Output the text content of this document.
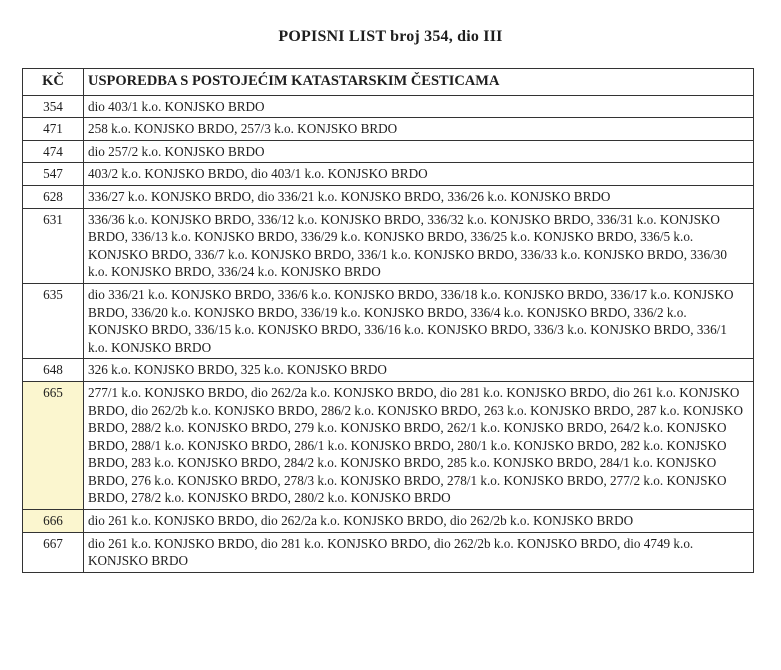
POPISNI LIST broj 354, dio III
KČ	USPOREDBA S POSTOJEĆIM KATASTARSKIM ČESTICAMA
354	dio 403/1 k.o. KONJSKO BRDO
471	258 k.o. KONJSKO BRDO, 257/3 k.o. KONJSKO BRDO
474	dio 257/2 k.o. KONJSKO BRDO
547	403/2 k.o. KONJSKO BRDO, dio 403/1 k.o. KONJSKO BRDO
628	336/27 k.o. KONJSKO BRDO, dio 336/21 k.o. KONJSKO BRDO, 336/26 k.o. KONJSKO BRDO
631	336/36 k.o. KONJSKO BRDO, 336/12 k.o. KONJSKO BRDO, 336/32 k.o. KONJSKO BRDO, 336/31 k.o. KONJSKO BRDO, 336/13 k.o. KONJSKO BRDO, 336/29 k.o. KONJSKO BRDO, 336/25 k.o. KONJSKO BRDO, 336/5 k.o. KONJSKO BRDO, 336/7 k.o. KONJSKO BRDO, 336/1 k.o. KONJSKO BRDO, 336/33 k.o. KONJSKO BRDO, 336/30 k.o. KONJSKO BRDO, 336/24 k.o. KONJSKO BRDO
635	dio 336/21 k.o. KONJSKO BRDO, 336/6 k.o. KONJSKO BRDO, 336/18 k.o. KONJSKO BRDO, 336/17 k.o. KONJSKO BRDO, 336/20 k.o. KONJSKO BRDO, 336/19 k.o. KONJSKO BRDO, 336/4 k.o. KONJSKO BRDO, 336/2 k.o. KONJSKO BRDO, 336/15 k.o. KONJSKO BRDO, 336/16 k.o. KONJSKO BRDO, 336/3 k.o. KONJSKO BRDO, 336/1 k.o. KONJSKO BRDO
648	326 k.o. KONJSKO BRDO, 325 k.o. KONJSKO BRDO
665	277/1 k.o. KONJSKO BRDO, dio 262/2a k.o. KONJSKO BRDO, dio 281 k.o. KONJSKO BRDO, dio 261 k.o. KONJSKO BRDO, dio 262/2b k.o. KONJSKO BRDO, 286/2 k.o. KONJSKO BRDO, 263 k.o. KONJSKO BRDO, 287 k.o. KONJSKO BRDO, 288/2 k.o. KONJSKO BRDO, 279 k.o. KONJSKO BRDO, 262/1 k.o. KONJSKO BRDO, 264/2 k.o. KONJSKO BRDO, 288/1 k.o. KONJSKO BRDO, 286/1 k.o. KONJSKO BRDO, 280/1 k.o. KONJSKO BRDO, 282 k.o. KONJSKO BRDO, 283 k.o. KONJSKO BRDO, 284/2 k.o. KONJSKO BRDO, 285 k.o. KONJSKO BRDO, 284/1 k.o. KONJSKO BRDO, 276 k.o. KONJSKO BRDO, 278/3 k.o. KONJSKO BRDO, 278/1 k.o. KONJSKO BRDO, 277/2 k.o. KONJSKO BRDO, 278/2 k.o. KONJSKO BRDO, 280/2 k.o. KONJSKO BRDO
666	dio 261 k.o. KONJSKO BRDO, dio 262/2a k.o. KONJSKO BRDO, dio 262/2b k.o. KONJSKO BRDO
667	dio 261 k.o. KONJSKO BRDO, dio 281 k.o. KONJSKO BRDO, dio 262/2b k.o. KONJSKO BRDO, dio 4749 k.o. KONJSKO BRDO
